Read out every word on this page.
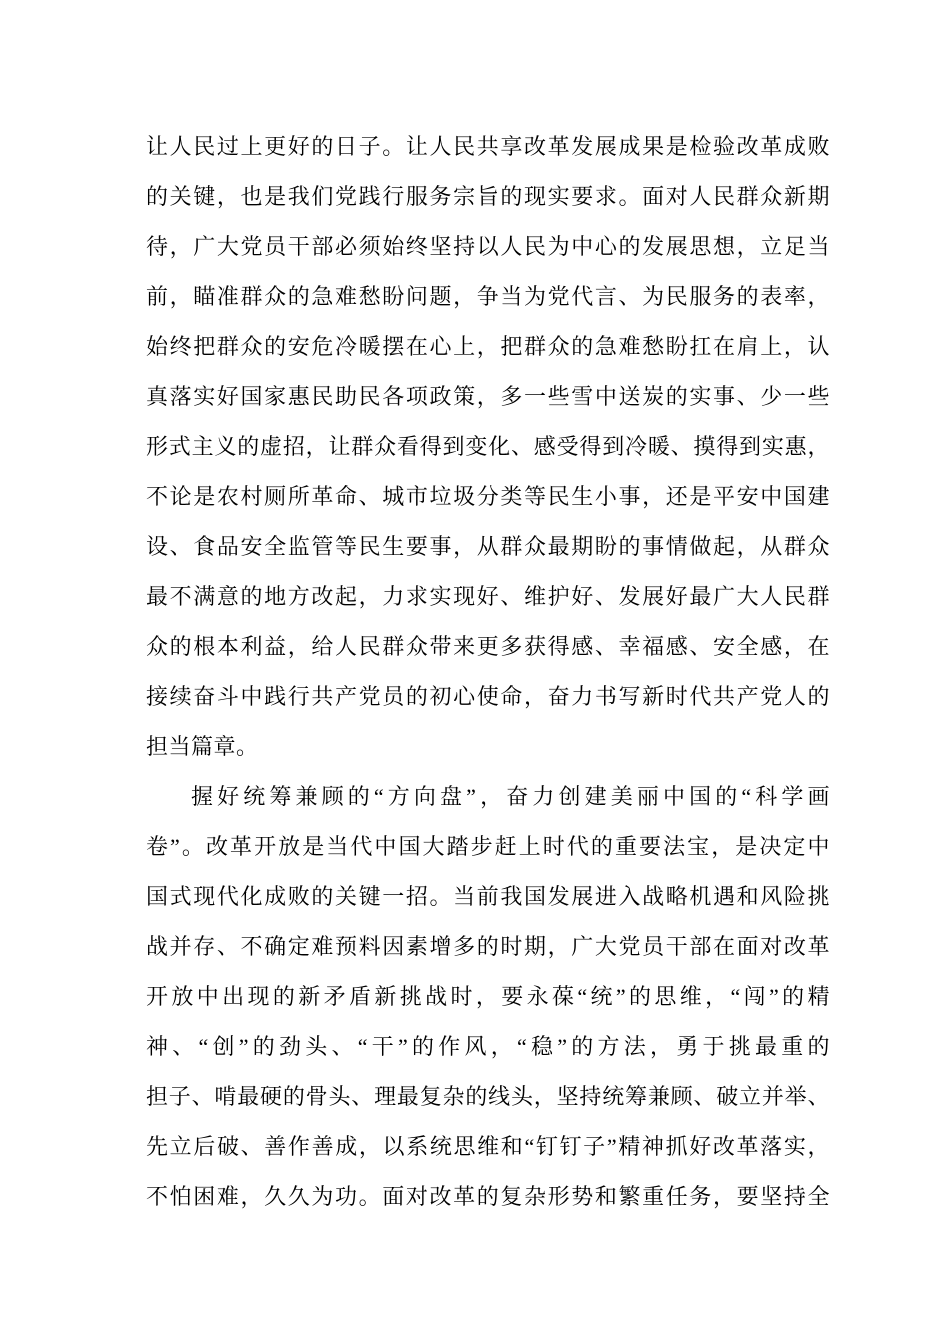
让人民过上更好的日子。让人民共享改革发展成果是检验改革成败
的关键，也是我们党践行服务宗旨的现实要求。面对人民群众新期
待，广大党员干部必须始终坚持以人民为中心的发展思想，立足当
前，瞄准群众的急难愁盼问题，争当为党代言、为民服务的表率，
始终把群众的安危冷暖摆在心上，把群众的急难愁盼扛在肩上，认
真落实好国家惠民助民各项政策，多一些雪中送炭的实事、少一些
形式主义的虚招，让群众看得到变化、感受得到冷暖、摸得到实惠，
不论是农村厕所革命、城市垃圾分类等民生小事，还是平安中国建
设、食品安全监管等民生要事，从群众最期盼的事情做起，从群众
最不满意的地方改起，力求实现好、维护好、发展好最广大人民群
众的根本利益，给人民群众带来更多获得感、幸福感、安全感，在
接续奋斗中践行共产党员的初心使命，奋力书写新时代共产党人的
担当篇章。
握好统筹兼顾的“方向盘”，奋力创建美丽中国的“科学画
卷”。改革开放是当代中国大踏步赶上时代的重要法宝，是决定中
国式现代化成败的关键一招。当前我国发展进入战略机遇和风险挑
战并存、不确定难预料因素增多的时期，广大党员干部在面对改革
开放中出现的新矛盾新挑战时，要永葆“统”的思维，“闯”的精
神、“创”的劲头、“干”的作风，“稳”的方法，勇于挑最重的
担子、啃最硬的骨头、理最复杂的线头，坚持统筹兼顾、破立并举、
先立后破、善作善成，以系统思维和“钉钉子”精神抓好改革落实，
不怕困难，久久为功。面对改革的复杂形势和繁重任务，要坚持全
